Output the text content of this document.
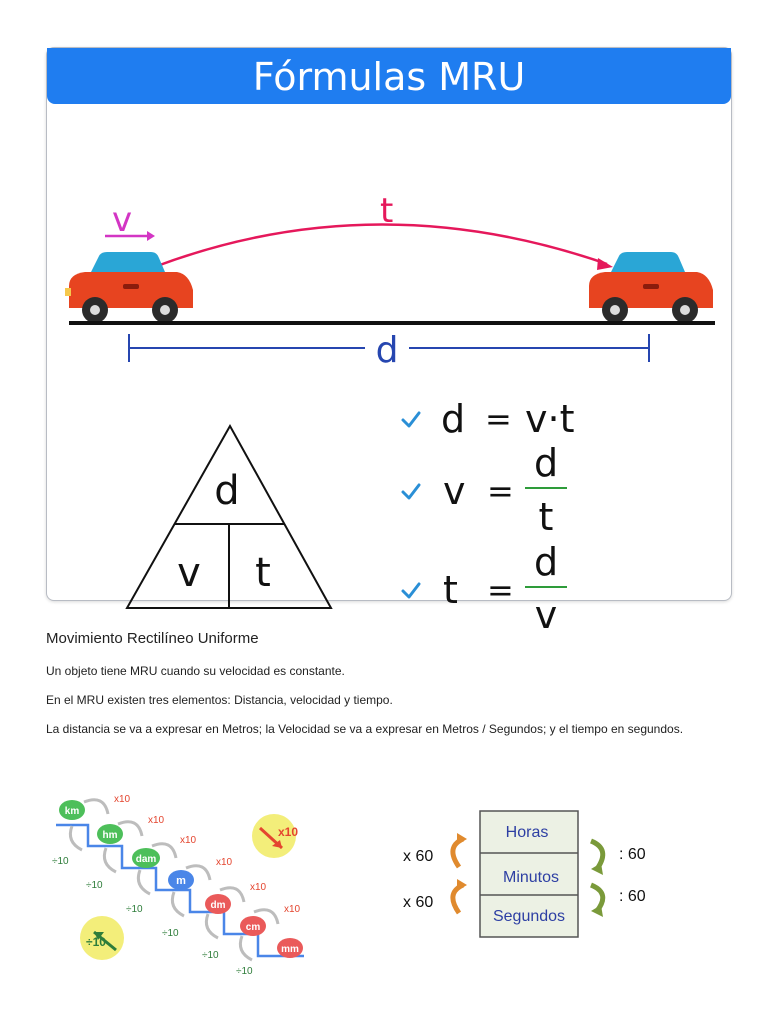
Fórmulas MRU
v	t
d
d
v t
d = v·t
v =
d
t
t =
d
v
Movimiento Rectilíneo Uniforme

Un objeto tiene MRU cuando su velocidad es constante.

En el MRU existen tres elementos: Distancia, velocidad y tiempo.

La distancia se va a expresar en Metros; la Velocidad se va a expresar en Metros / Segundos; y el tiempo en segundos.

x10
÷10
km
hm
dam
m
dm
cm
mm
x10
x10
x10
x10
x10
x10
÷10
÷10
÷10
÷10
÷10
÷10
Horas
Minutos
Segundos
x 60
x 60
: 60
: 60
